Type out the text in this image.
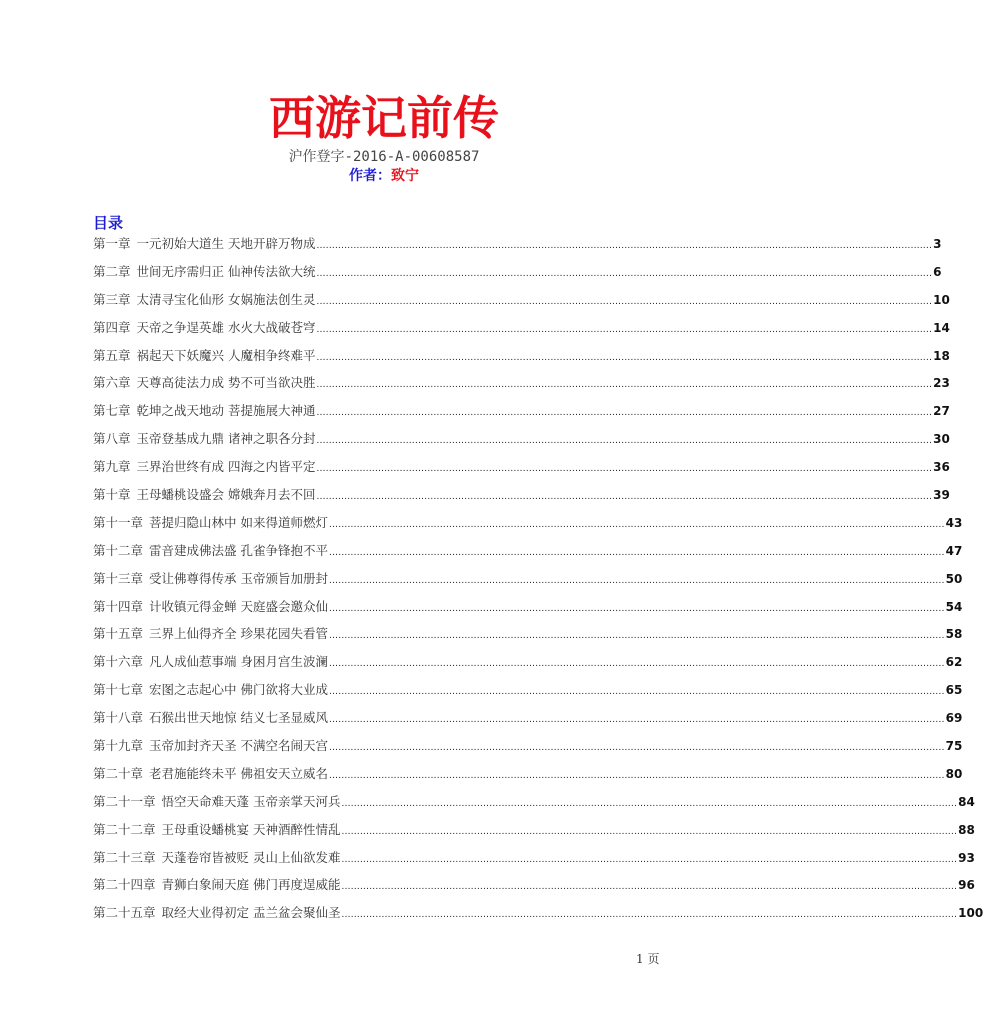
西游记前传
沪作登字-2016-A-00608587
作者：致宁
目录
第一章 一元初始大道生 天地开辟万物成 ........................................................................................................................................................................................................ 3
第二章 世间无序需归正 仙神传法欲大统 ........................................................................................................................................................................................................ 6
第三章 太清寻宝化仙形 女娲施法创生灵 ........................................................................................................................................................................................................ 10
第四章 天帝之争逞英雄 水火大战破苍穹 ........................................................................................................................................................................................................ 14
第五章 祸起天下妖魔兴 人魔相争终难平 ........................................................................................................................................................................................................ 18
第六章 天尊高徒法力成 势不可当欲决胜 ........................................................................................................................................................................................................ 23
第七章 乾坤之战天地动 菩提施展大神通 ........................................................................................................................................................................................................ 27
第八章 玉帝登基成九鼎 诸神之职各分封 ........................................................................................................................................................................................................ 30
第九章 三界治世终有成 四海之内皆平定 ........................................................................................................................................................................................................ 36
第十章 王母蟠桃设盛会 嫦娥奔月去不回 ........................................................................................................................................................................................................ 39
第十一章 菩提归隐山林中 如来得道师燃灯 ........................................................................................................................................................................................................ 43
第十二章 雷音建成佛法盛 孔雀争锋抱不平 ........................................................................................................................................................................................................ 47
第十三章 受让佛尊得传承 玉帝颁旨加册封 ........................................................................................................................................................................................................ 50
第十四章 计收镇元得金蝉 天庭盛会邀众仙 ........................................................................................................................................................................................................ 54
第十五章 三界上仙得齐全 珍果花园失看管 ........................................................................................................................................................................................................ 58
第十六章 凡人成仙惹事端 身困月宫生波澜 ........................................................................................................................................................................................................ 62
第十七章 宏图之志起心中 佛门欲将大业成 ........................................................................................................................................................................................................ 65
第十八章 石猴出世天地惊 结义七圣显威风 ........................................................................................................................................................................................................ 69
第十九章 玉帝加封齐天圣 不满空名闹天宫 ........................................................................................................................................................................................................ 75
第二十章 老君施能终未平 佛祖安天立威名 ........................................................................................................................................................................................................ 80
第二十一章 悟空天命难天蓬 玉帝亲掌天河兵 ........................................................................................................................................................................................................ 84
第二十二章 王母重设蟠桃宴 天神酒醉性情乱 ........................................................................................................................................................................................................ 88
第二十三章 天蓬卷帘皆被贬 灵山上仙欲发难 ........................................................................................................................................................................................................ 93
第二十四章 青狮白象闹天庭 佛门再度逞威能 ........................................................................................................................................................................................................ 96
第二十五章 取经大业得初定 盂兰盆会聚仙圣 ........................................................................................................................................................................................................ 100
1 页
